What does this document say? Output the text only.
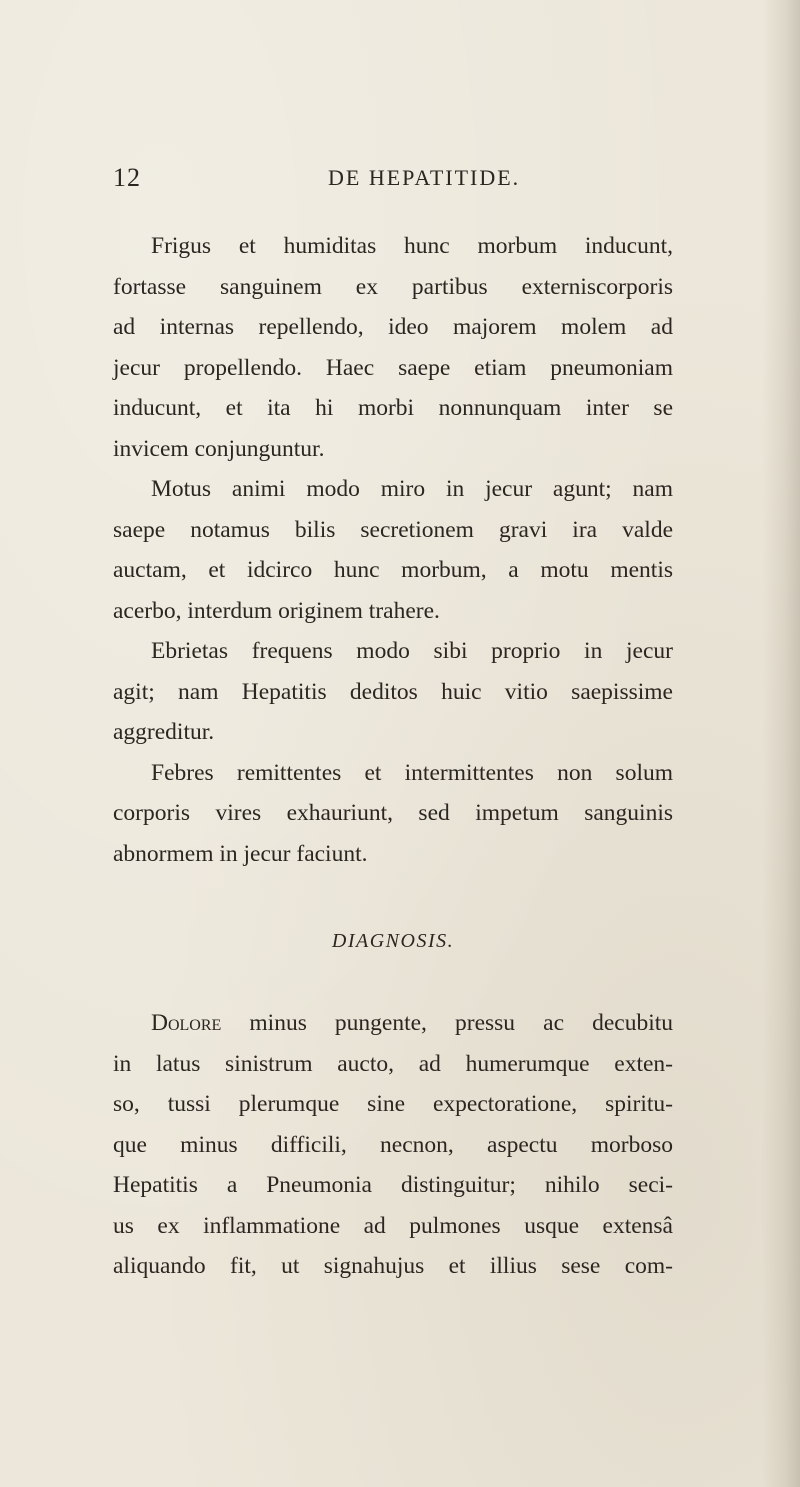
12	DE HEPATITIDE.
Frigus et humiditas hunc morbum inducunt,
fortasse sanguinem ex partibus externiscorporis
ad internas repellendo, ideo majorem molem ad
jecur propellendo. Haec saepe etiam pneumoniam
inducunt, et ita hi morbi nonnunquam inter se
invicem conjunguntur.
Motus animi modo miro in jecur agunt; nam
saepe notamus bilis secretionem gravi ira valde
auctam, et idcirco hunc morbum, a motu mentis
acerbo, interdum originem trahere.
Ebrietas frequens modo sibi proprio in jecur
agit; nam Hepatitis deditos huic vitio saepissime
aggreditur.
Febres remittentes et intermittentes non solum
corporis vires exhauriunt, sed impetum sanguinis
abnormem in jecur faciunt.
DIAGNOSIS.
Dolore minus pungente, pressu ac decubitu
in latus sinistrum aucto, ad humerumque exten-
so, tussi plerumque sine expectoratione, spiritu-
que minus difficili, necnon, aspectu morboso
Hepatitis a Pneumonia distinguitur; nihilo seci-
us ex inflammatione ad pulmones usque extensâ
aliquando fit, ut signahujus et illius sese com-
